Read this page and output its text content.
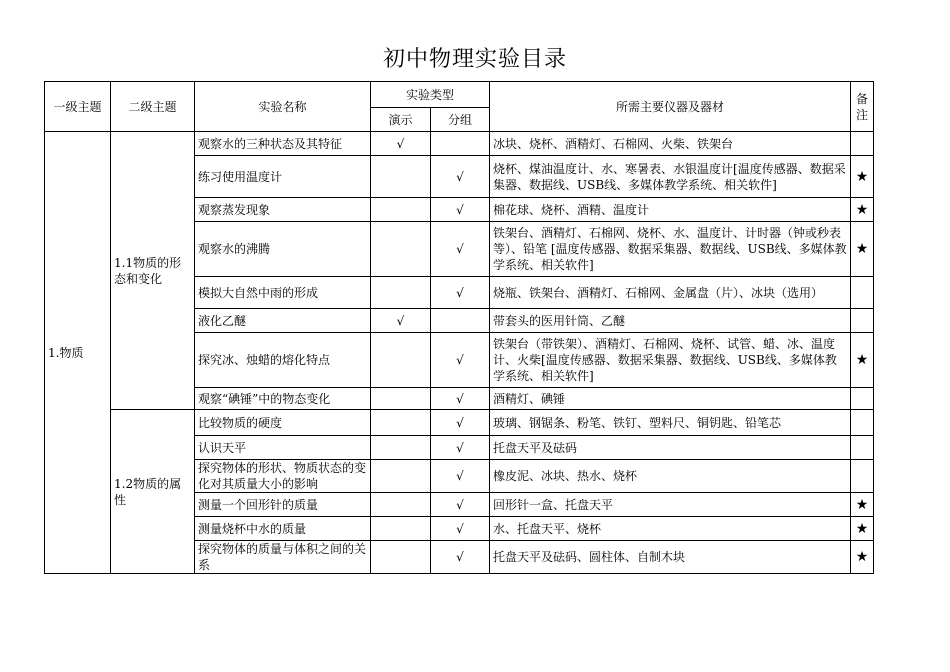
初中物理实验目录
一级主题	二级主题	实验名称	实验类型		所需主要仪器及器材	备注
			演示	分组		
1.物质	1.1物质的形态和变化	观察水的三种状态及其特征	√		冰块、烧杯、酒精灯、石棉网、火柴、铁架台	
		练习使用温度计		√	烧杯、煤油温度计、水、寒暑表、水银温度计[温度传感器、数据采集器、数据线、USB线、多媒体教学系统、相关软件]	★
		观察蒸发现象		√	棉花球、烧杯、酒精、温度计	★
		观察水的沸腾		√	铁架台、酒精灯、石棉网、烧杯、水、温度计、计时器（钟或秒表等）、铅笔 [温度传感器、数据采集器、数据线、USB线、多媒体教学系统、相关软件]	★
		模拟大自然中雨的形成		√	烧瓶、铁架台、酒精灯、石棉网、金属盘（片）、冰块（选用）	
		液化乙醚	√		带套头的医用针筒、乙醚	
		探究冰、烛蜡的熔化特点		√	铁架台（带铁架）、酒精灯、石棉网、烧杯、试管、蜡、冰、温度计、火柴[温度传感器、数据采集器、数据线、USB线、多媒体教学系统、相关软件]	★
		观察“碘锤”中的物态变化		√	酒精灯、碘锤	
	1.2物质的属性	比较物质的硬度		√	玻璃、钢锯条、粉笔、铁钉、塑料尺、铜钥匙、铅笔芯	
		认识天平		√	托盘天平及砝码	
		探究物体的形状、物质状态的变化对其质量大小的影响		√	橡皮泥、冰块、热水、烧杯	
		测量一个回形针的质量		√	回形针一盒、托盘天平	★
		测量烧杯中水的质量		√	水、托盘天平、烧杯	★
		探究物体的质量与体积之间的关系		√	托盘天平及砝码、圆柱体、自制木块	★
